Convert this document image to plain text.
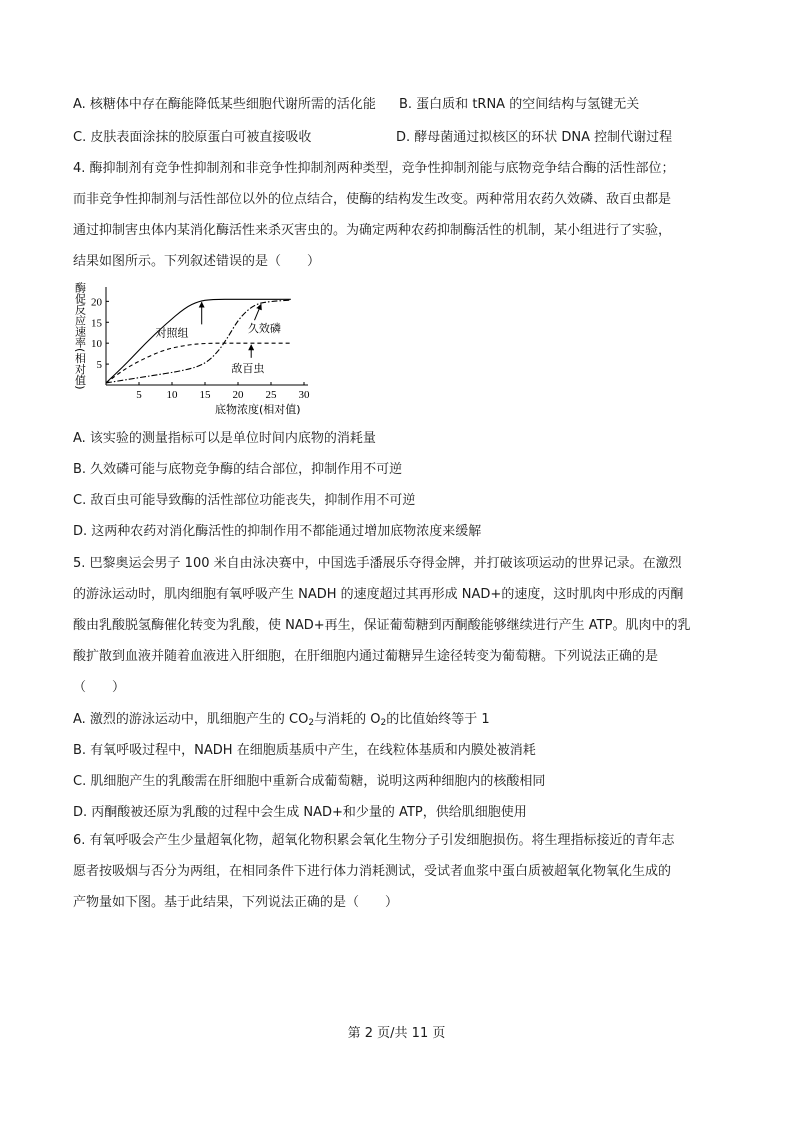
A. 核糖体中存在酶能降低某些细胞代谢所需的活化能 B. 蛋白质和 tRNA 的空间结构与氢键无关
C. 皮肤表面涂抹的胶原蛋白可被直接吸收	D. 酵母菌通过拟核区的环状 DNA 控制代谢过程
4. 酶抑制剂有竞争性抑制剂和非竞争性抑制剂两种类型，竞争性抑制剂能与底物竞争结合酶的活性部位；
而非竞争性抑制剂与活性部位以外的位点结合，使酶的结构发生改变。两种常用农药久效磷、敌百虫都是
通过抑制害虫体内某消化酶活性来杀灭害虫的。为确定两种农药抑制酶活性的机制，某小组进行了实验，
结果如图所示。下列叙述错误的是（　　）
酶促反应速率(相对值)
5 10 15 20 25 30
5
10
15
20
对照组	久效磷
敌百虫
底物浓度(相对值)
A. 该实验的测量指标可以是单位时间内底物的消耗量
B. 久效磷可能与底物竞争酶的结合部位，抑制作用不可逆
C. 敌百虫可能导致酶的活性部位功能丧失，抑制作用不可逆
D. 这两种农药对消化酶活性的抑制作用不都能通过增加底物浓度来缓解
5. 巴黎奥运会男子 100 米自由泳决赛中，中国选手潘展乐夺得金牌，并打破该项运动的世界记录。在激烈
的游泳运动时，肌肉细胞有氧呼吸产生 NADH 的速度超过其再形成 NAD+的速度，这时肌肉中形成的丙酮
酸由乳酸脱氢酶催化转变为乳酸，使 NAD+再生，保证葡萄糖到丙酮酸能够继续进行产生 ATP。肌肉中的乳
酸扩散到血液并随着血液进入肝细胞，在肝细胞内通过葡糖异生途径转变为葡萄糖。下列说法正确的是
（　　）
A. 激烈的游泳运动中，肌细胞产生的 $CO_2$与消耗的 $O_2$的比值始终等于 1
B. 有氧呼吸过程中，NADH 在细胞质基质中产生，在线粒体基质和内膜处被消耗
C. 肌细胞产生的乳酸需在肝细胞中重新合成葡萄糖，说明这两种细胞内的核酸相同
D. 丙酮酸被还原为乳酸的过程中会生成 NAD+和少量的 ATP，供给肌细胞使用
6. 有氧呼吸会产生少量超氧化物，超氧化物积累会氧化生物分子引发细胞损伤。将生理指标接近的青年志
愿者按吸烟与否分为两组，在相同条件下进行体力消耗测试，受试者血浆中蛋白质被超氧化物氧化生成的
产物量如下图。基于此结果，下列说法正确的是（　　）
第 2 页/共 11 页
